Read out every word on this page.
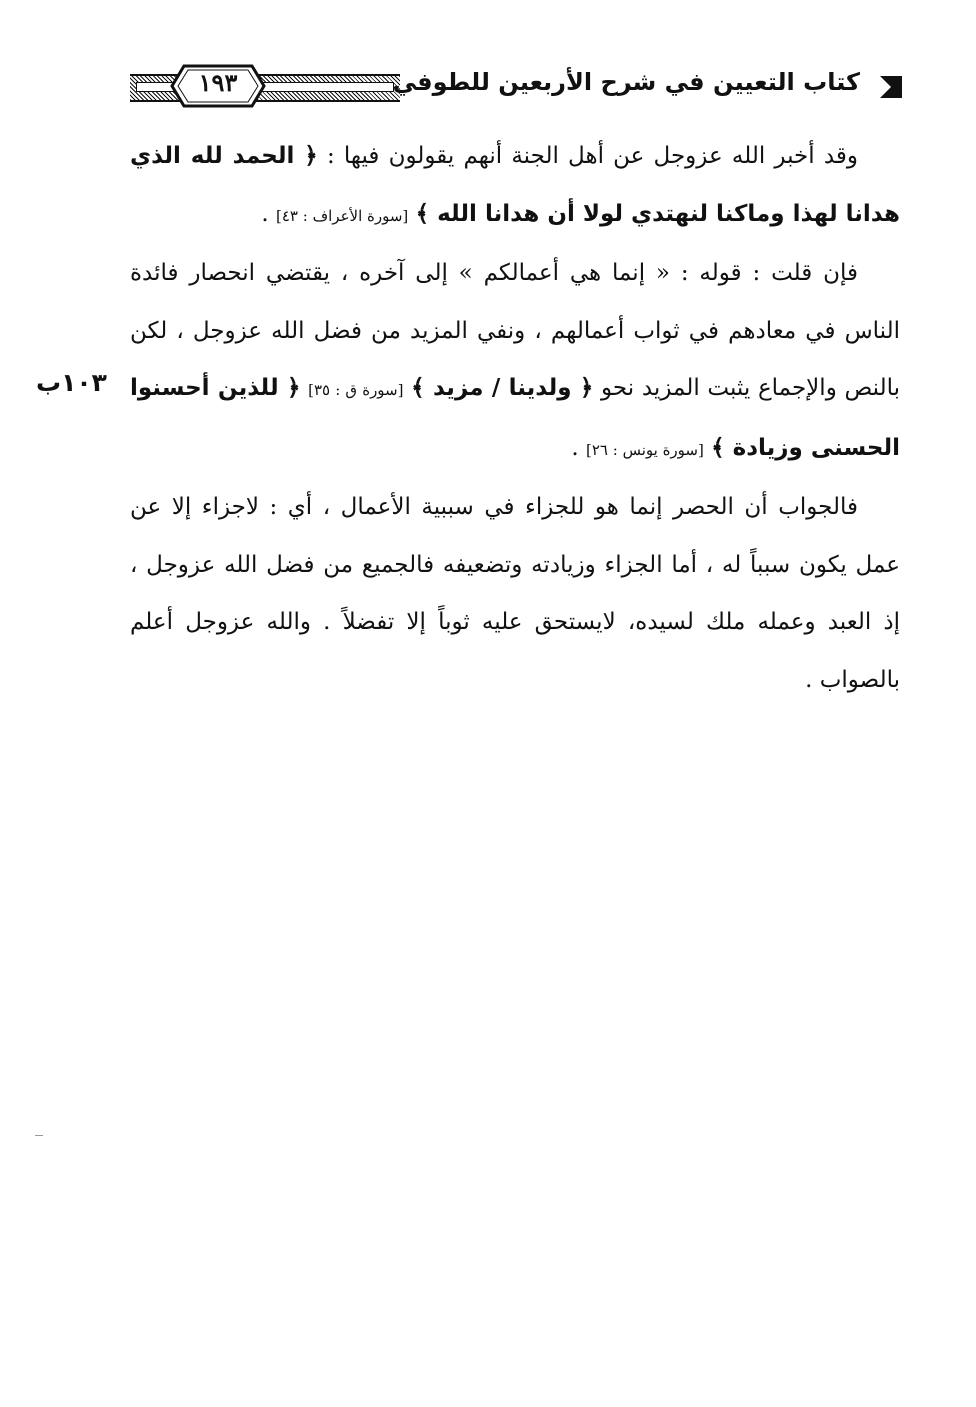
١٩٣	كتاب التعيين في شرح الأربعين للطوفي
١٠٣ب

وقد أخبر الله عزوجل عن أهل الجنة أنهم يقولون فيها : ﴿ الحمد لله الذي هدانا لهذا وماكنا لنهتدي لولا أن هدانا الله ﴾ [سورة الأعراف : ٤٣] .

فإن قلت : قوله : « إنما هي أعمالكم » إلى آخره ، يقتضي انحصار فائدة الناس في معادهم في ثواب أعمالهم ، ونفي المزيد من فضل الله عزوجل ، لكن بالنص والإجماع يثبت المزيد نحو ﴿ ولدينا / مزيد ﴾ [سورة ق : ٣٥] ﴿ للذين أحسنوا الحسنى وزيادة ﴾ [سورة يونس : ٢٦] .

فالجواب أن الحصر إنما هو للجزاء في سببية الأعمال ، أي : لاجزاء إلا عن عمل يكون سبباً له ، أما الجزاء وزيادته وتضعيفه فالجميع من فضل الله عزوجل ، إذ العبد وعمله ملك لسيده، لايستحق عليه ثوباً إلا تفضلاً . والله عزوجل أعلم بالصواب .
